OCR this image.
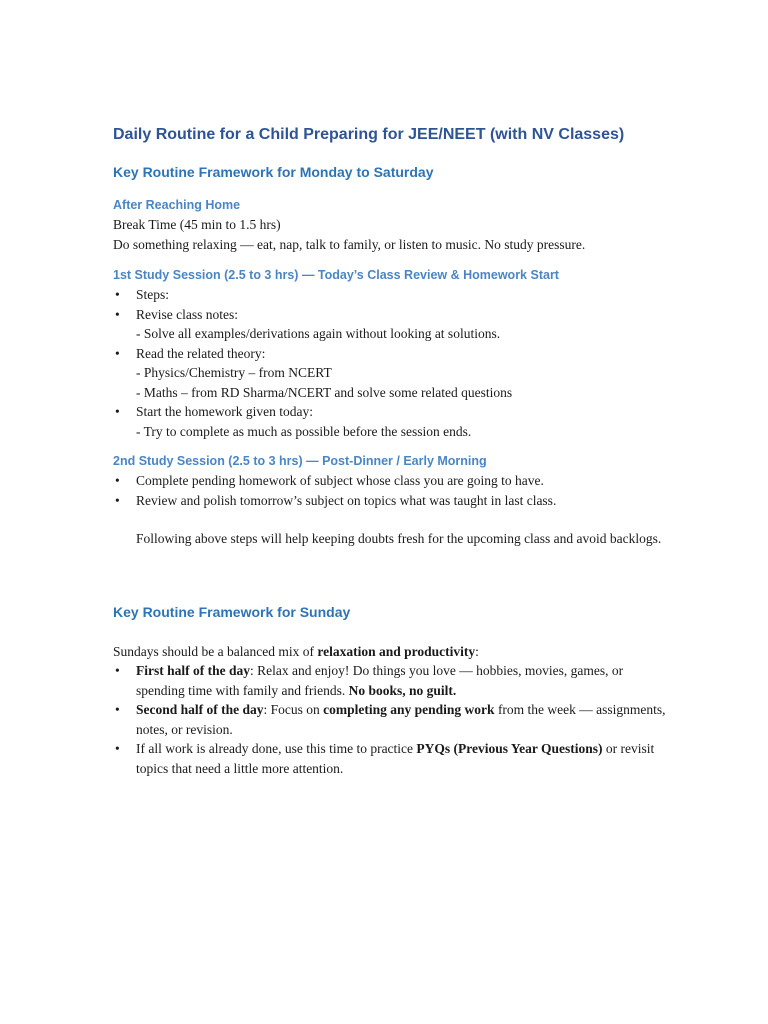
Daily Routine for a Child Preparing for JEE/NEET (with NV Classes)
Key Routine Framework for Monday to Saturday
After Reaching Home

Break Time (45 min to 1.5 hrs)

Do something relaxing — eat, nap, talk to family, or listen to music. No study pressure.

1st Study Session (2.5 to 3 hrs) — Today’s Class Review & Homework Start
• Steps:
• Revise class notes:
- Solve all examples/derivations again without looking at solutions.
• Read the related theory:
- Physics/Chemistry – from NCERT
- Maths – from RD Sharma/NCERT and solve some related questions
• Start the homework given today:
- Try to complete as much as possible before the session ends.
2nd Study Session (2.5 to 3 hrs) — Post-Dinner / Early Morning
• Complete pending homework of subject whose class you are going to have.
• Review and polish tomorrow’s subject on topics what was taught in last class.

Following above steps will help keeping doubts fresh for the upcoming class and avoid backlogs.

Key Routine Framework for Sunday

Sundays should be a balanced mix of relaxation and productivity:

• First half of the day: Relax and enjoy! Do things you love — hobbies, movies, games, or spending time with family and friends. No books, no guilt.
• Second half of the day: Focus on completing any pending work from the week — assignments, notes, or revision.
• If all work is already done, use this time to practice PYQs (Previous Year Questions) or revisit topics that need a little more attention.
